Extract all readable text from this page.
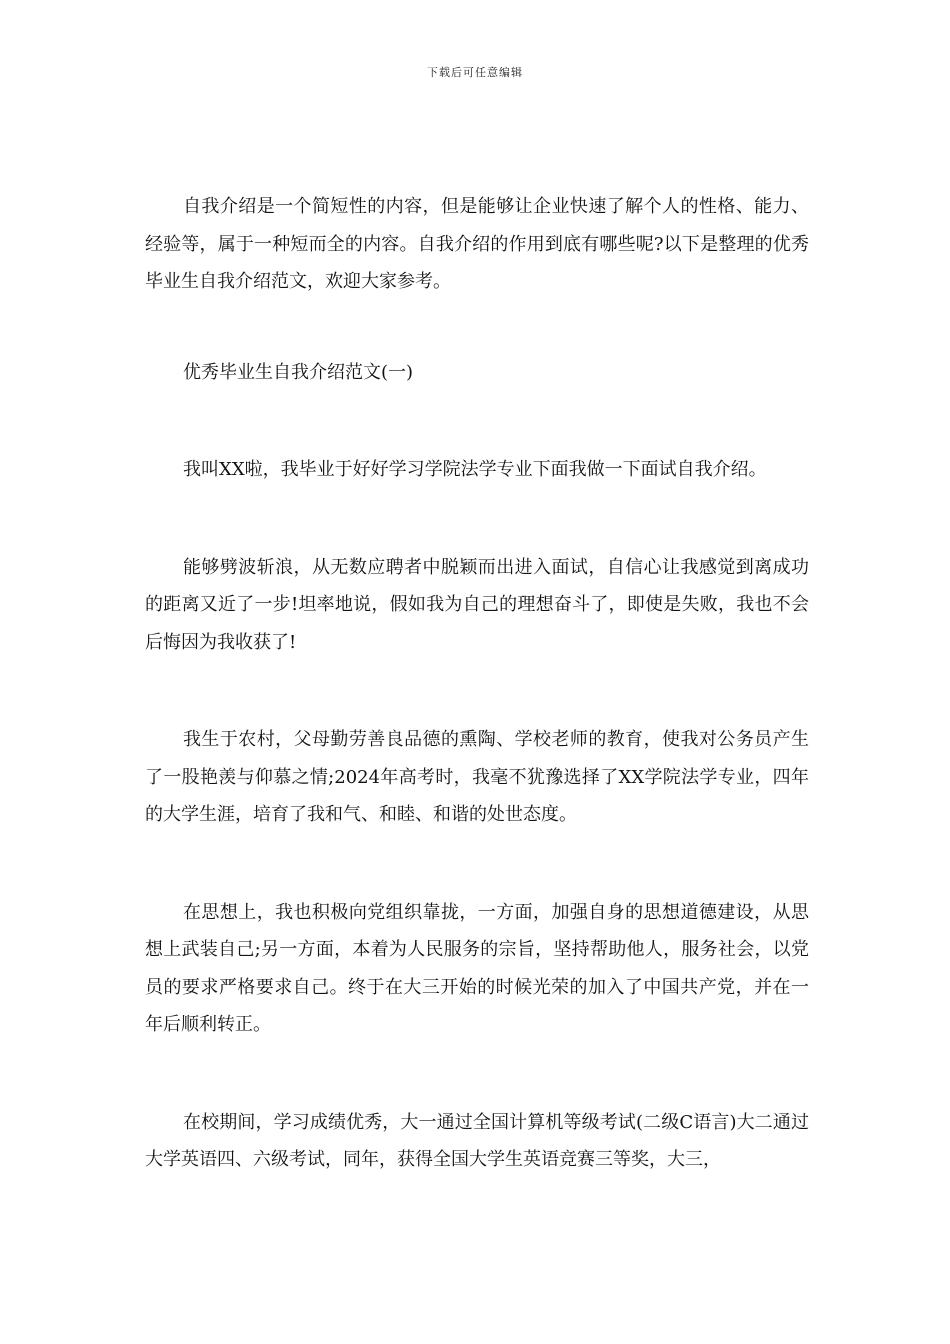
下载后可任意编辑

自我介绍是一个简短性的内容，但是能够让企业快速了解个人的性格、能力、经验等，属于一种短而全的内容。自我介绍的作用到底有哪些呢?以下是整理的优秀毕业生自我介绍范文，欢迎大家参考。

优秀毕业生自我介绍范文(一)

我叫XX啦，我毕业于好好学习学院法学专业下面我做一下面试自我介绍。

能够劈波斩浪，从无数应聘者中脱颖而出进入面试，自信心让我感觉到离成功的距离又近了一步!坦率地说，假如我为自己的理想奋斗了，即使是失败，我也不会后悔因为我收获了!

我生于农村，父母勤劳善良品德的熏陶、学校老师的教育，使我对公务员产生了一股艳羡与仰慕之情;2024年高考时，我毫不犹豫选择了XX学院法学专业，四年的大学生涯，培育了我和气、和睦、和谐的处世态度。

在思想上，我也积极向党组织靠拢，一方面，加强自身的思想道德建设，从思想上武装自己;另一方面，本着为人民服务的宗旨，坚持帮助他人，服务社会，以党员的要求严格要求自己。终于在大三开始的时候光荣的加入了中国共产党，并在一年后顺利转正。

在校期间，学习成绩优秀，大一通过全国计算机等级考试(二级C语言)大二通过大学英语四、六级考试，同年，获得全国大学生英语竞赛三等奖，大三，
